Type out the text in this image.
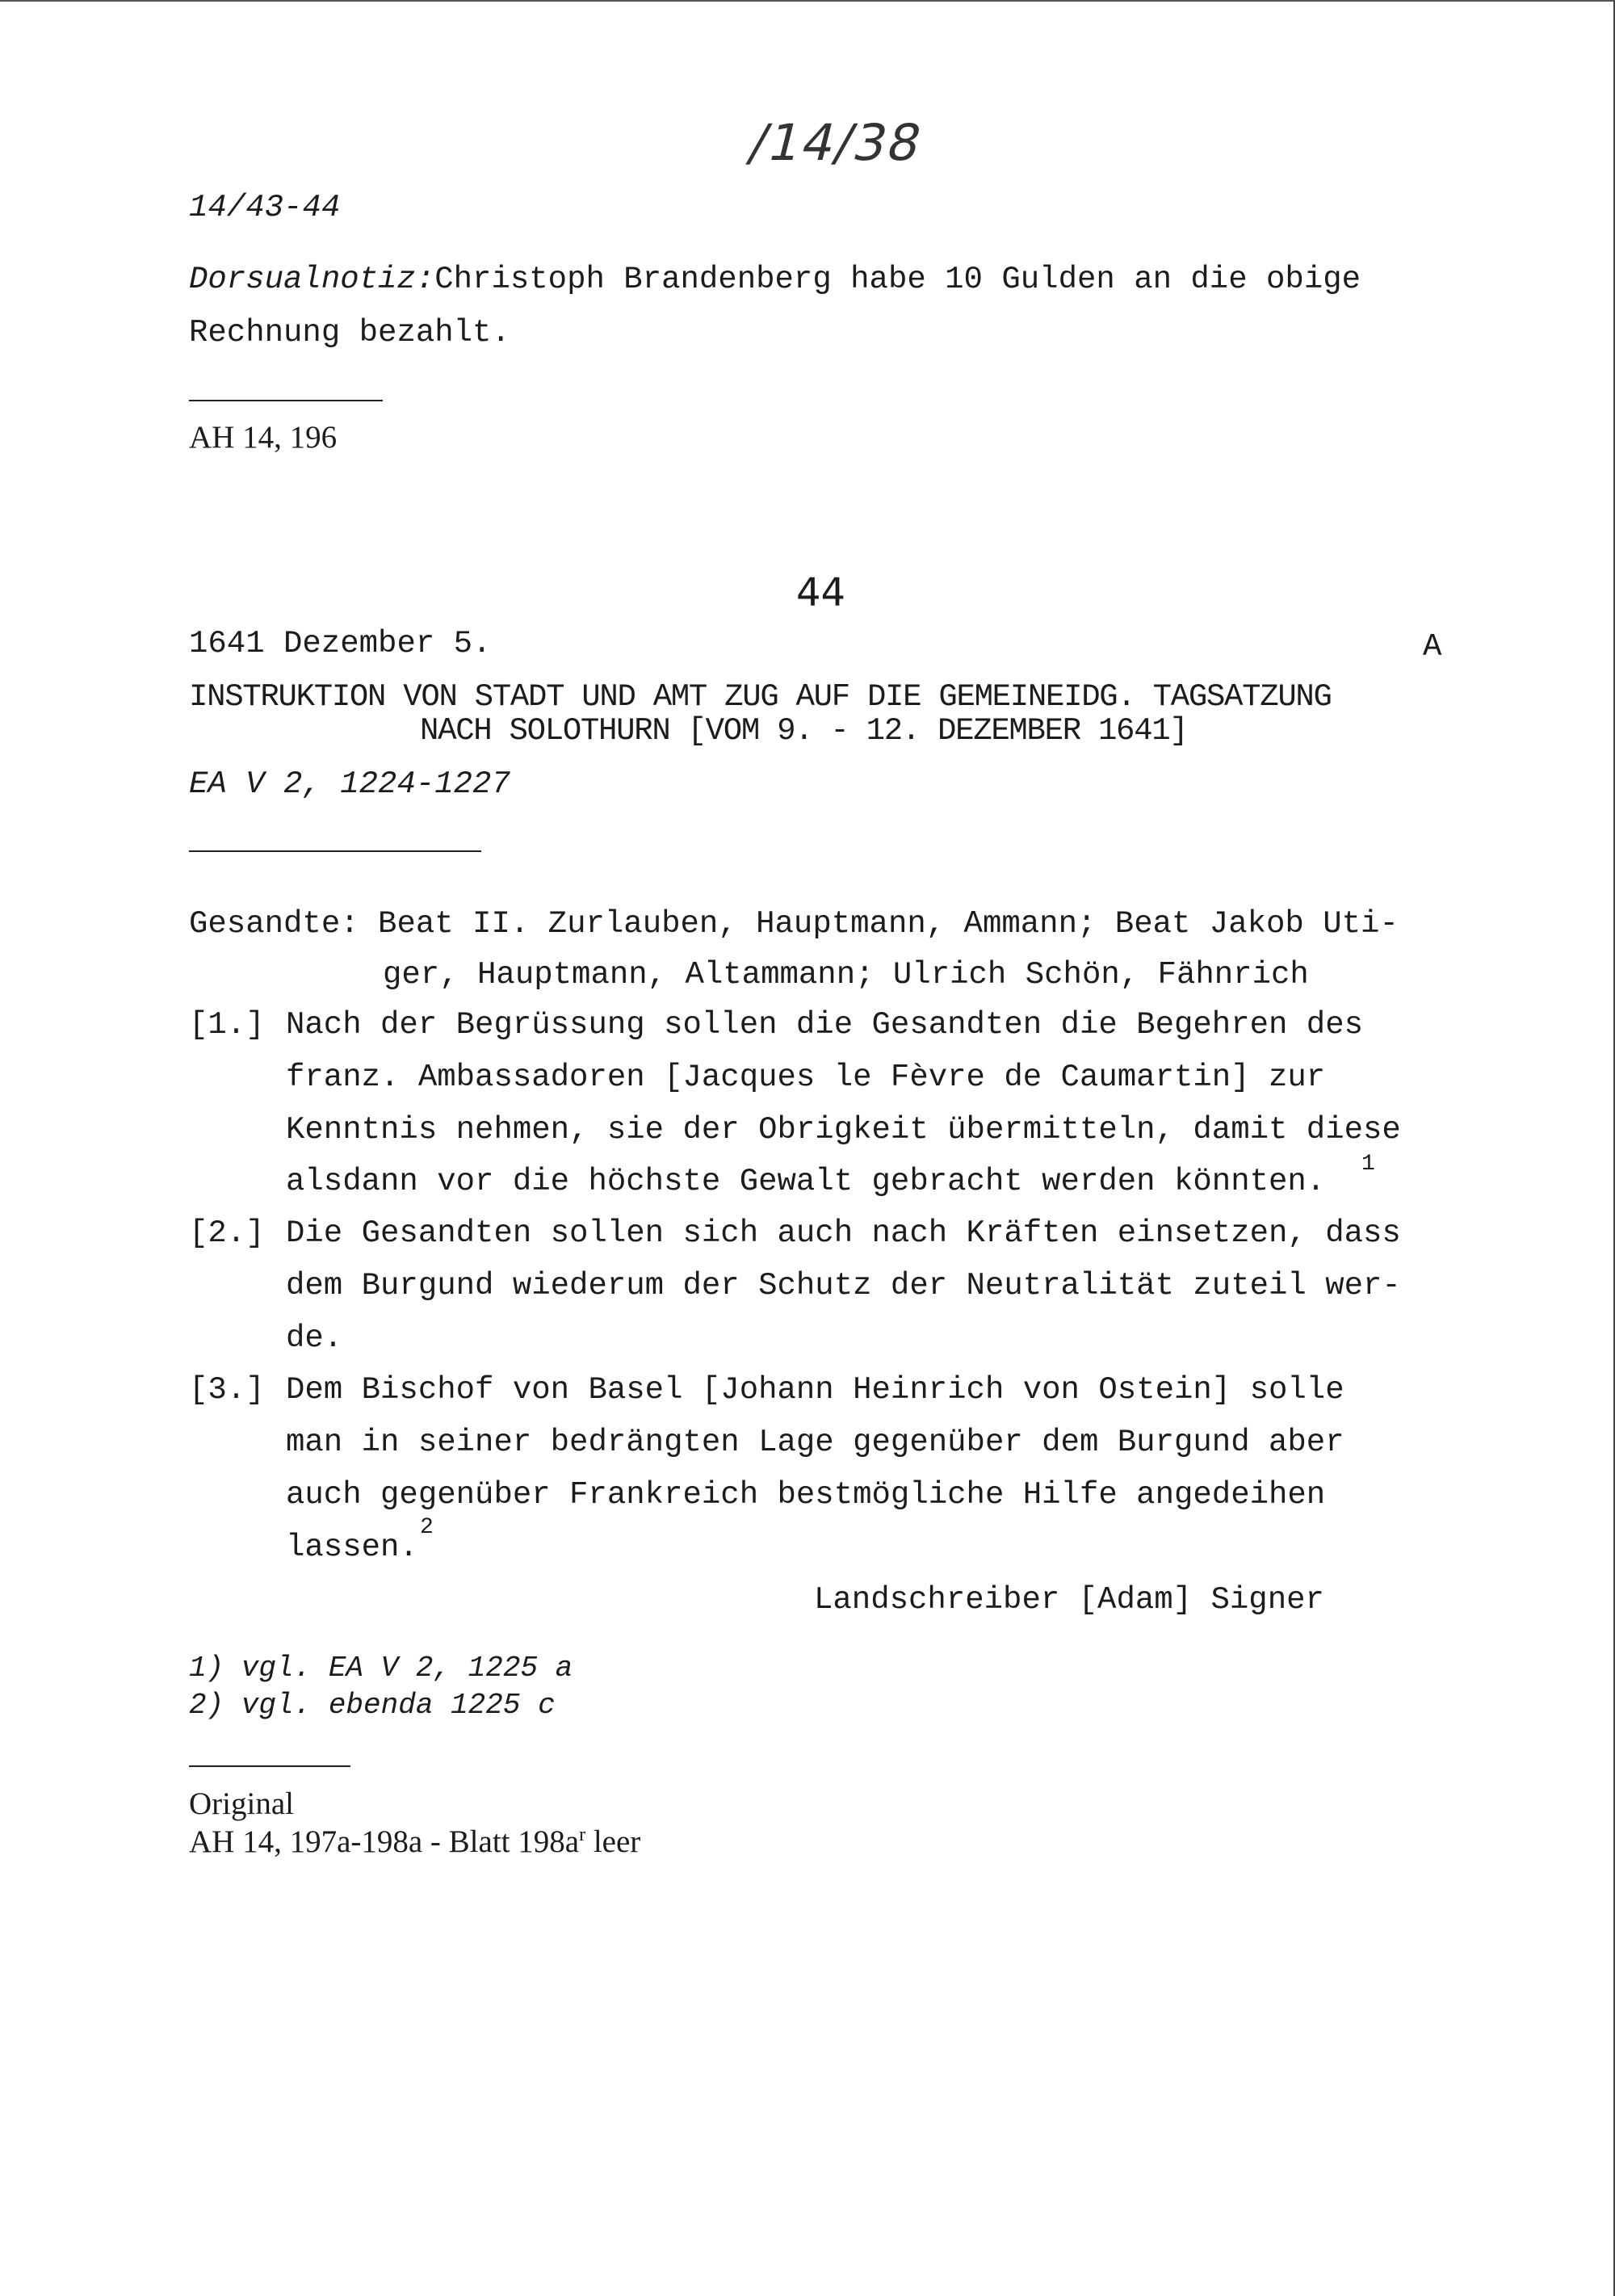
/14/38
14/43-44
Dorsualnotiz:Christoph Brandenberg habe 10 Gulden an die obige
Rechnung bezahlt.
AH 14, 196
44
1641 Dezember 5.	A
INSTRUKTION VON STADT UND AMT ZUG AUF DIE GEMEINEIDG. TAGSATZUNG
NACH SOLOTHURN [VOM 9. - 12. DEZEMBER 1641]
EA V 2, 1224-1227
Gesandte: Beat II. Zurlauben, Hauptmann, Ammann; Beat Jakob Uti-
ger, Hauptmann, Altammann; Ulrich Schön, Fähnrich
[1.] Nach der Begrüssung sollen die Gesandten die Begehren des
franz. Ambassadoren [Jacques le Fèvre de Caumartin] zur
Kenntnis nehmen, sie der Obrigkeit übermitteln, damit diese
alsdann vor die höchste Gewalt gebracht werden könnten. 1
[2.] Die Gesandten sollen sich auch nach Kräften einsetzen, dass
dem Burgund wiederum der Schutz der Neutralität zuteil wer-
de.
[3.] Dem Bischof von Basel [Johann Heinrich von Ostein] solle
man in seiner bedrängten Lage gegenüber dem Burgund aber
auch gegenüber Frankreich bestmögliche Hilfe angedeihen
lassen.
2
Landschreiber [Adam] Signer
1) vgl. EA V 2, 1225 a
2) vgl. ebenda 1225 c
Original
AH 14, 197a-198a - Blatt $198a^r$ leer
